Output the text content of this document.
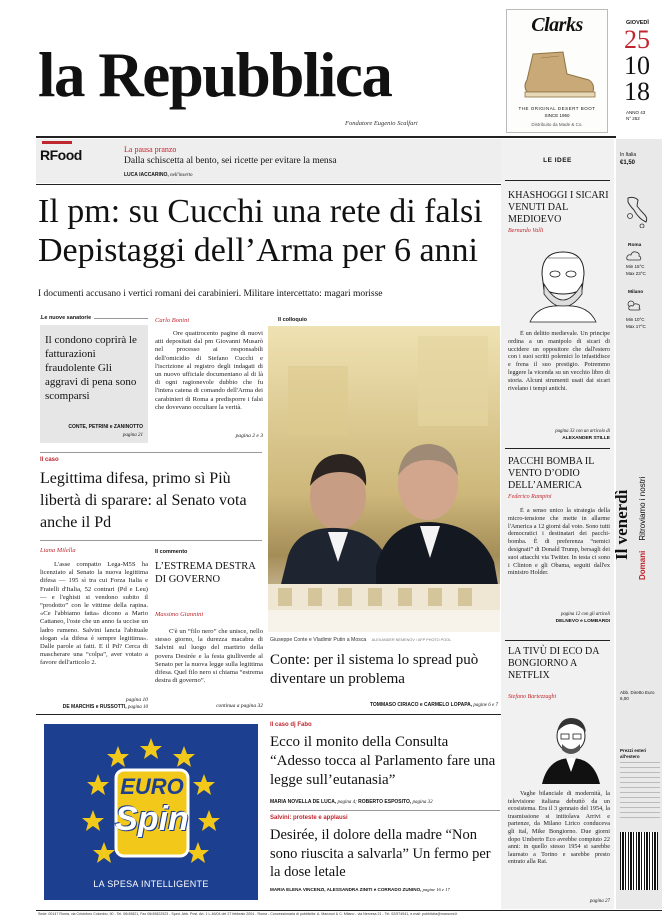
la Repubblica
Fondatore Eugenio Scalfari
Clarks
THE ORIGINAL DESERT BOOT
SINCE 1950
Distribuito da Made & Co.
GIOVEDÌ
25
10
18
ANNO 43
N° 252
RFood	La pausa pranzo
Dalla schiscetta al bento, sei ricette per evitare la mensa
LUCA IACCARINO, nell'inserto
Il pm: su Cucchi una rete di falsi
Depistaggi dell’Arma per 6 anni
I documenti accusano i vertici romani dei carabinieri. Militare intercettato: magari morisse
Le nuove sanatorie
Il condono coprirà le fatturazioni fraudolente Gli aggravi di pena sono scomparsi
CONTE, PETRINI e ZANINOTTO
pagina 21
Carlo Bonini
Ore quattrocento pagine di nuovi atti depositati dal pm Giovanni Musarò nel processo ai responsabili dell'omicidio di Stefano Cucchi e l'iscrizione al registro degli indagati di un nuovo ufficiale documentano al di là di ogni ragionevole dubbio che fu l'intera catena di comando dell'Arma dei carabinieri di Roma a predisporre i falsi che dovevano occultare la verità.
pagina 2 e 3
Il colloquio
Giuseppe Conte e Vladimir Putin a Mosca ALEXANDER NEMENOV / AFP PHOTO POOL
Conte: per il sistema lo spread può diventare un problema
TOMMASO CIRIACO e CARMELO LOPAPA, pagine 6 e 7
Il caso
Legittima difesa, primo sì Più libertà di sparare: al Senato vota anche il Pd
Liana Milella
L'asse compatto Lega-M5S ha licenziato al Senato la nuova legittima difesa — 195 sì tra cui Forza Italia e Fratelli d'Italia, 52 contrari (Pd e Leu) — e l'eghisti si vendono subito il “prodotto” con le vittime della rapina. «Ce l'abbiamo fatta» dicono a Mario Cattaneo, l'oste che un anno fa uccise un ladro rumeno. Salvini lancia l'abituale slogan «la difesa è sempre legittima». Dalle parole ai fatti. E il Pd? Cerca di mascherare una “colpa”, aver votato a favore dell'articolo 2.
pagina 10
DE MARCHIS e RUSSOTTI, pagina 10
Il commento
L’ESTREMA DESTRA DI GOVERNO
Massimo Giannini
C'è un “filo nero” che unisce, nello stesso giorno, la durezza macabra di Salvini sul luogo del martirio della povera Desirée e la festa giulliverde al Senato per la nuova legge sulla legittima difesa. Quel filo nero si chiama “estrema destra di governo”.
continua a pagina 32
EURO
Spin
LA SPESA INTELLIGENTE
Il caso dj Fabo
Ecco il monito della Consulta “Adesso tocca al Parlamento fare una legge sull’eutanasia”
MARIA NOVELLA DE LUCA, pagina 4; ROBERTO ESPOSITO, pagina 32
Salvini: proteste e applausi
Desirée, il dolore della madre “Non sono riuscita a salvarla” Un fermo per la dose letale
MARIA ELENA VINCENZI, ALESSANDRA ZINITI e CORRADO ZUNINO, pagine 16 e 17
LE IDEE
KHASHOGGI I SICARI VENUTI DAL MEDIOEVO
Bernardo Valli
È un delitto medievale. Un principe ordina a un manipolo di sicari di uccidere un oppositore che dall'estero con i suoi scritti polemici lo infastidisce e frena il suo prestigio. Potremmo leggere la vicenda su un vecchio libro di storia. Alcuni strumenti usati dai sicari rivelano i tempi antichi.
pagina 33 con un articolo di
ALEXANDER STILLE
PACCHI BOMBA IL VENTO D’ODIO DELL’AMERICA
Federico Rampini
È a senso unico la strategia della micro-tensione che mette in allarme l'America a 12 giorni dal voto. Sono tutti democratici i destinatari dei pacchi-bomba. È di preferenza “nemici designati” di Donald Trump, bersagli dei suoi attacchi via Twitter. In testa ci sono i Clinton e gli Obama, seguiti dall'ex ministro Holder.
pagina 12 con gli articoli
DELNEVO e LOMBARDI
LA TIVÙ DI ECO DA BONGIORNO A NETFLIX
Stefano Bartezzaghi
Vaghe bilanciale di modernità, la televisione italiana debuttò da un ecosistema. Era il 3 gennaio del 1954, la trasmissione si intitolava Arrivi e partenze, da Milano Lirico conduceva gli ital, Mike Bongiorno. Due giorni dopo Umberto Eco avrebbe compiuto 22 anni: in quello stesso 1954 si sarebbe laureato a Torino e sarebbe presto entrato alla Rai.
pagina 27
In Italia
€1,50
Roma
Min 15°C
Max 23°C
Milano
Min 10°C
Max 17°C
Il venerdì
Domani Ritroviamo i nostri
Abb. Diretto Euro 6,00
Prezzi esteri all'estero
Sede: 00147 Roma, via Cristoforo Colombo, 90 - Tel. 06/49821, Fax 06/49822923 - Sped. Abb. Post. Art. 1 L.46/04 del 27 febbraio 2004 - Roma - Concessionaria di pubblicità: A. Manzoni & C. Milano - via Nervesa 21 - Tel. 02/574941, e-mail: pubblicita@manzoni.it
